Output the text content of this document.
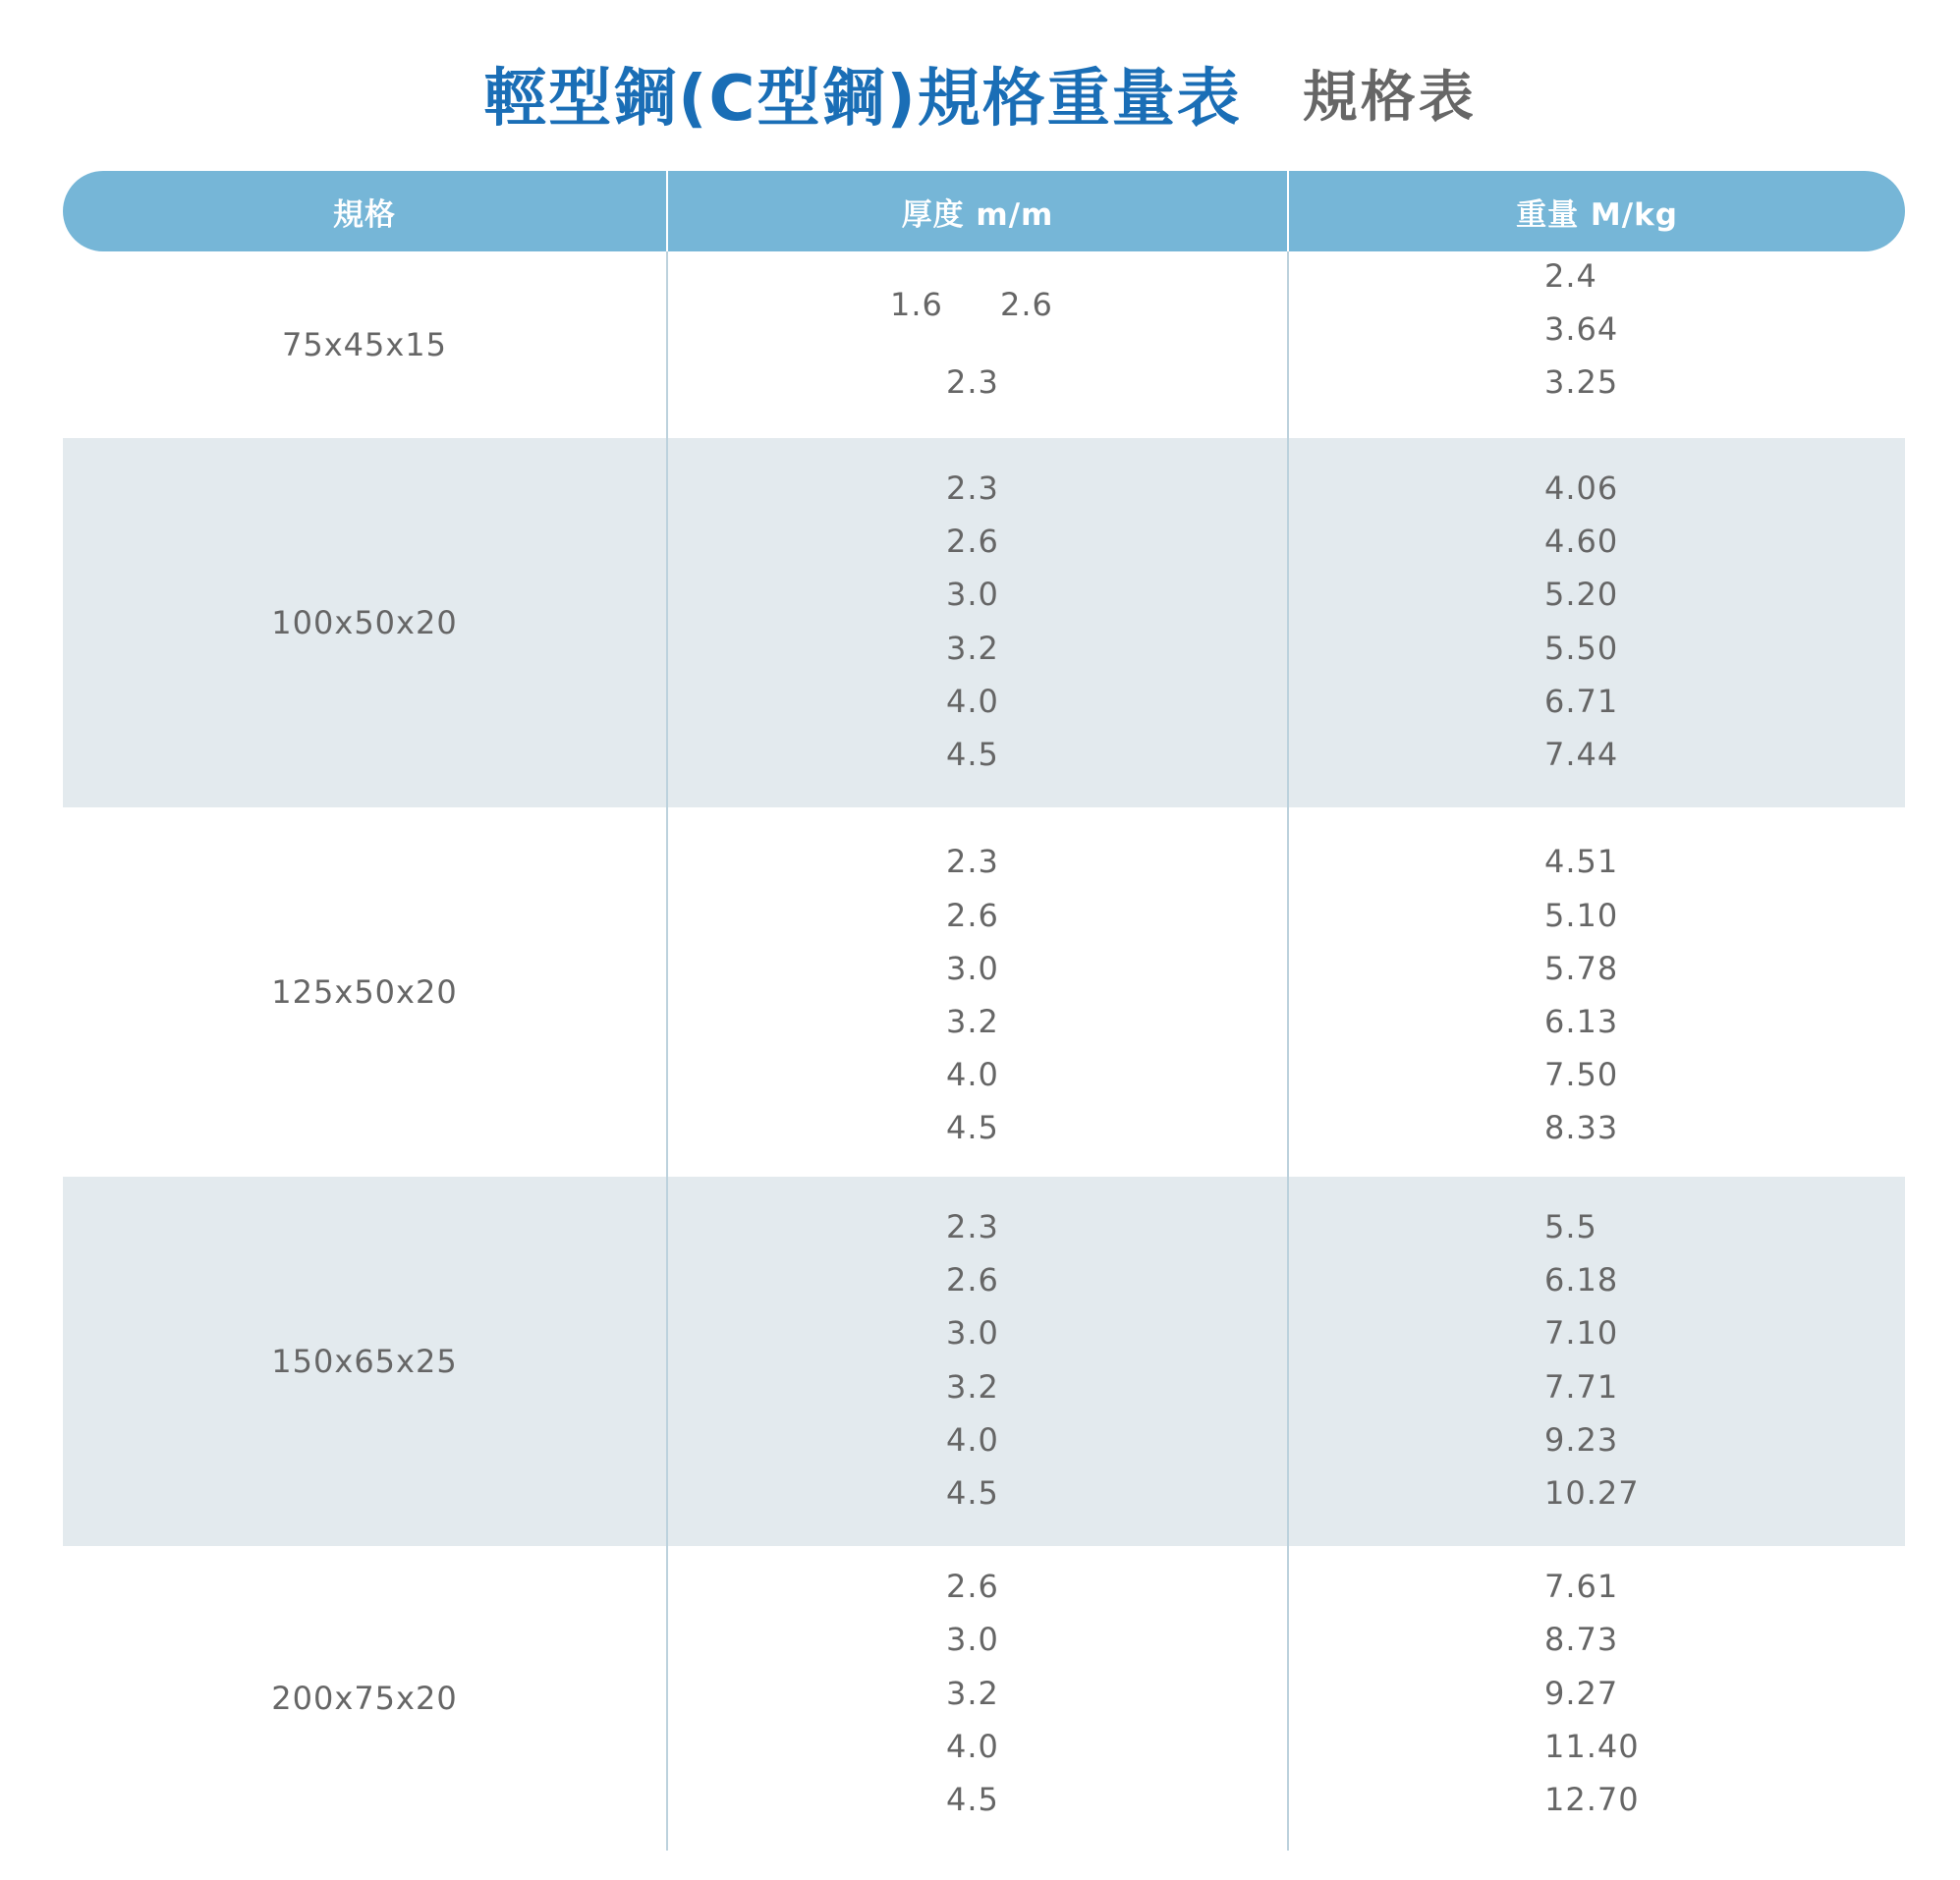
輕型鋼(C型鋼)規格重量表 規格表
規格	厚度 m/m	重量 M/kg
75x45x15
1.6 2.6
2.3
2.4
3.64
3.25
100x50x20
2.3
2.6
3.0
3.2
4.0
4.5
4.06
4.60
5.20
5.50
6.71
7.44
125x50x20
2.3
2.6
3.0
3.2
4.0
4.5
4.51
5.10
5.78
6.13
7.50
8.33
150x65x25
2.3
2.6
3.0
3.2
4.0
4.5
5.5
6.18
7.10
7.71
9.23
10.27
200x75x20
2.6
3.0
3.2
4.0
4.5
7.61
8.73
9.27
11.40
12.70
